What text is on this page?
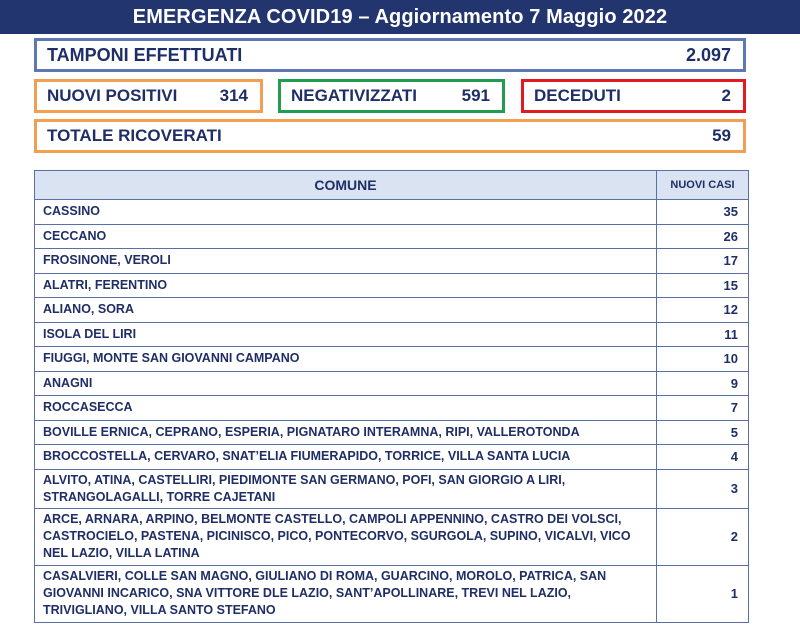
EMERGENZA COVID19 – Aggiornamento 7 Maggio 2022
TAMPONI EFFETTUATI	2.097
NUOVI POSITIVI 314	NEGATIVIZZATI	591	DECEDUTI	2
TOTALE RICOVERATI	59
COMUNE	NUOVI CASI
CASSINO	35
CECCANO	26
FROSINONE, VEROLI	17
ALATRI, FERENTINO	15
ALIANO, SORA	12
ISOLA DEL LIRI	11
FIUGGI, MONTE SAN GIOVANNI CAMPANO	10
ANAGNI	9
ROCCASECCA	7
BOVILLE ERNICA, CEPRANO, ESPERIA, PIGNATARO INTERAMNA, RIPI, VALLEROTONDA	5
BROCCOSTELLA, CERVARO, SNAT’ELIA FIUMERAPIDO, TORRICE, VILLA SANTA LUCIA	4
ALVITO, ATINA, CASTELLIRI, PIEDIMONTE SAN GERMANO, POFI, SAN GIORGIO A LIRI, STRANGOLAGALLI, TORRE CAJETANI	3
ARCE, ARNARA, ARPINO, BELMONTE CASTELLO, CAMPOLI APPENNINO, CASTRO DEI VOLSCI, CASTROCIELO, PASTENA, PICINISCO, PICO, PONTECORVO, SGURGOLA, SUPINO, VICALVI, VICO NEL LAZIO, VILLA LATINA	2
CASALVIERI, COLLE SAN MAGNO, GIULIANO DI ROMA, GUARCINO, MOROLO, PATRICA, SAN GIOVANNI INCARICO, SNA VITTORE DLE LAZIO, SANT’APOLLINARE, TREVI NEL LAZIO, TRIVIGLIANO, VILLA SANTO STEFANO	1
